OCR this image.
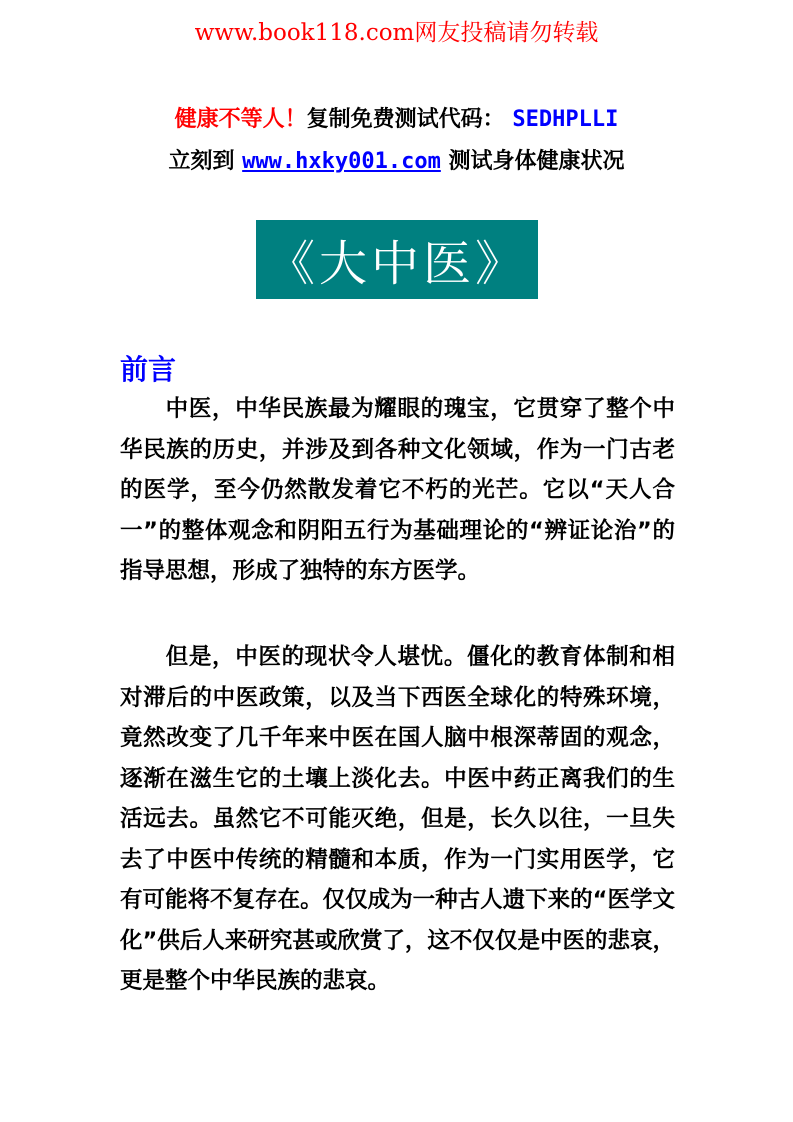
www.book118.com网友投稿请勿转载
健康不等人！复制免费测试代码： SEDHPLLI
立刻到 www.hxky001.com 测试身体健康状况
《大中医》
前言

中医，中华民族最为耀眼的瑰宝，它贯穿了整个中华民族的历史，并涉及到各种文化领域，作为一门古老的医学，至今仍然散发着它不朽的光芒。它以“天人合一”的整体观念和阴阳五行为基础理论的“辨证论治”的指导思想，形成了独特的东方医学。

但是，中医的现状令人堪忧。僵化的教育体制和相对滞后的中医政策，以及当下西医全球化的特殊环境，竟然改变了几千年来中医在国人脑中根深蒂固的观念，逐渐在滋生它的土壤上淡化去。中医中药正离我们的生活远去。虽然它不可能灭绝，但是，长久以往，一旦失去了中医中传统的精髓和本质，作为一门实用医学，它有可能将不复存在。仅仅成为一种古人遗下来的“医学文化”供后人来研究甚或欣赏了，这不仅仅是中医的悲哀，更是整个中华民族的悲哀。
